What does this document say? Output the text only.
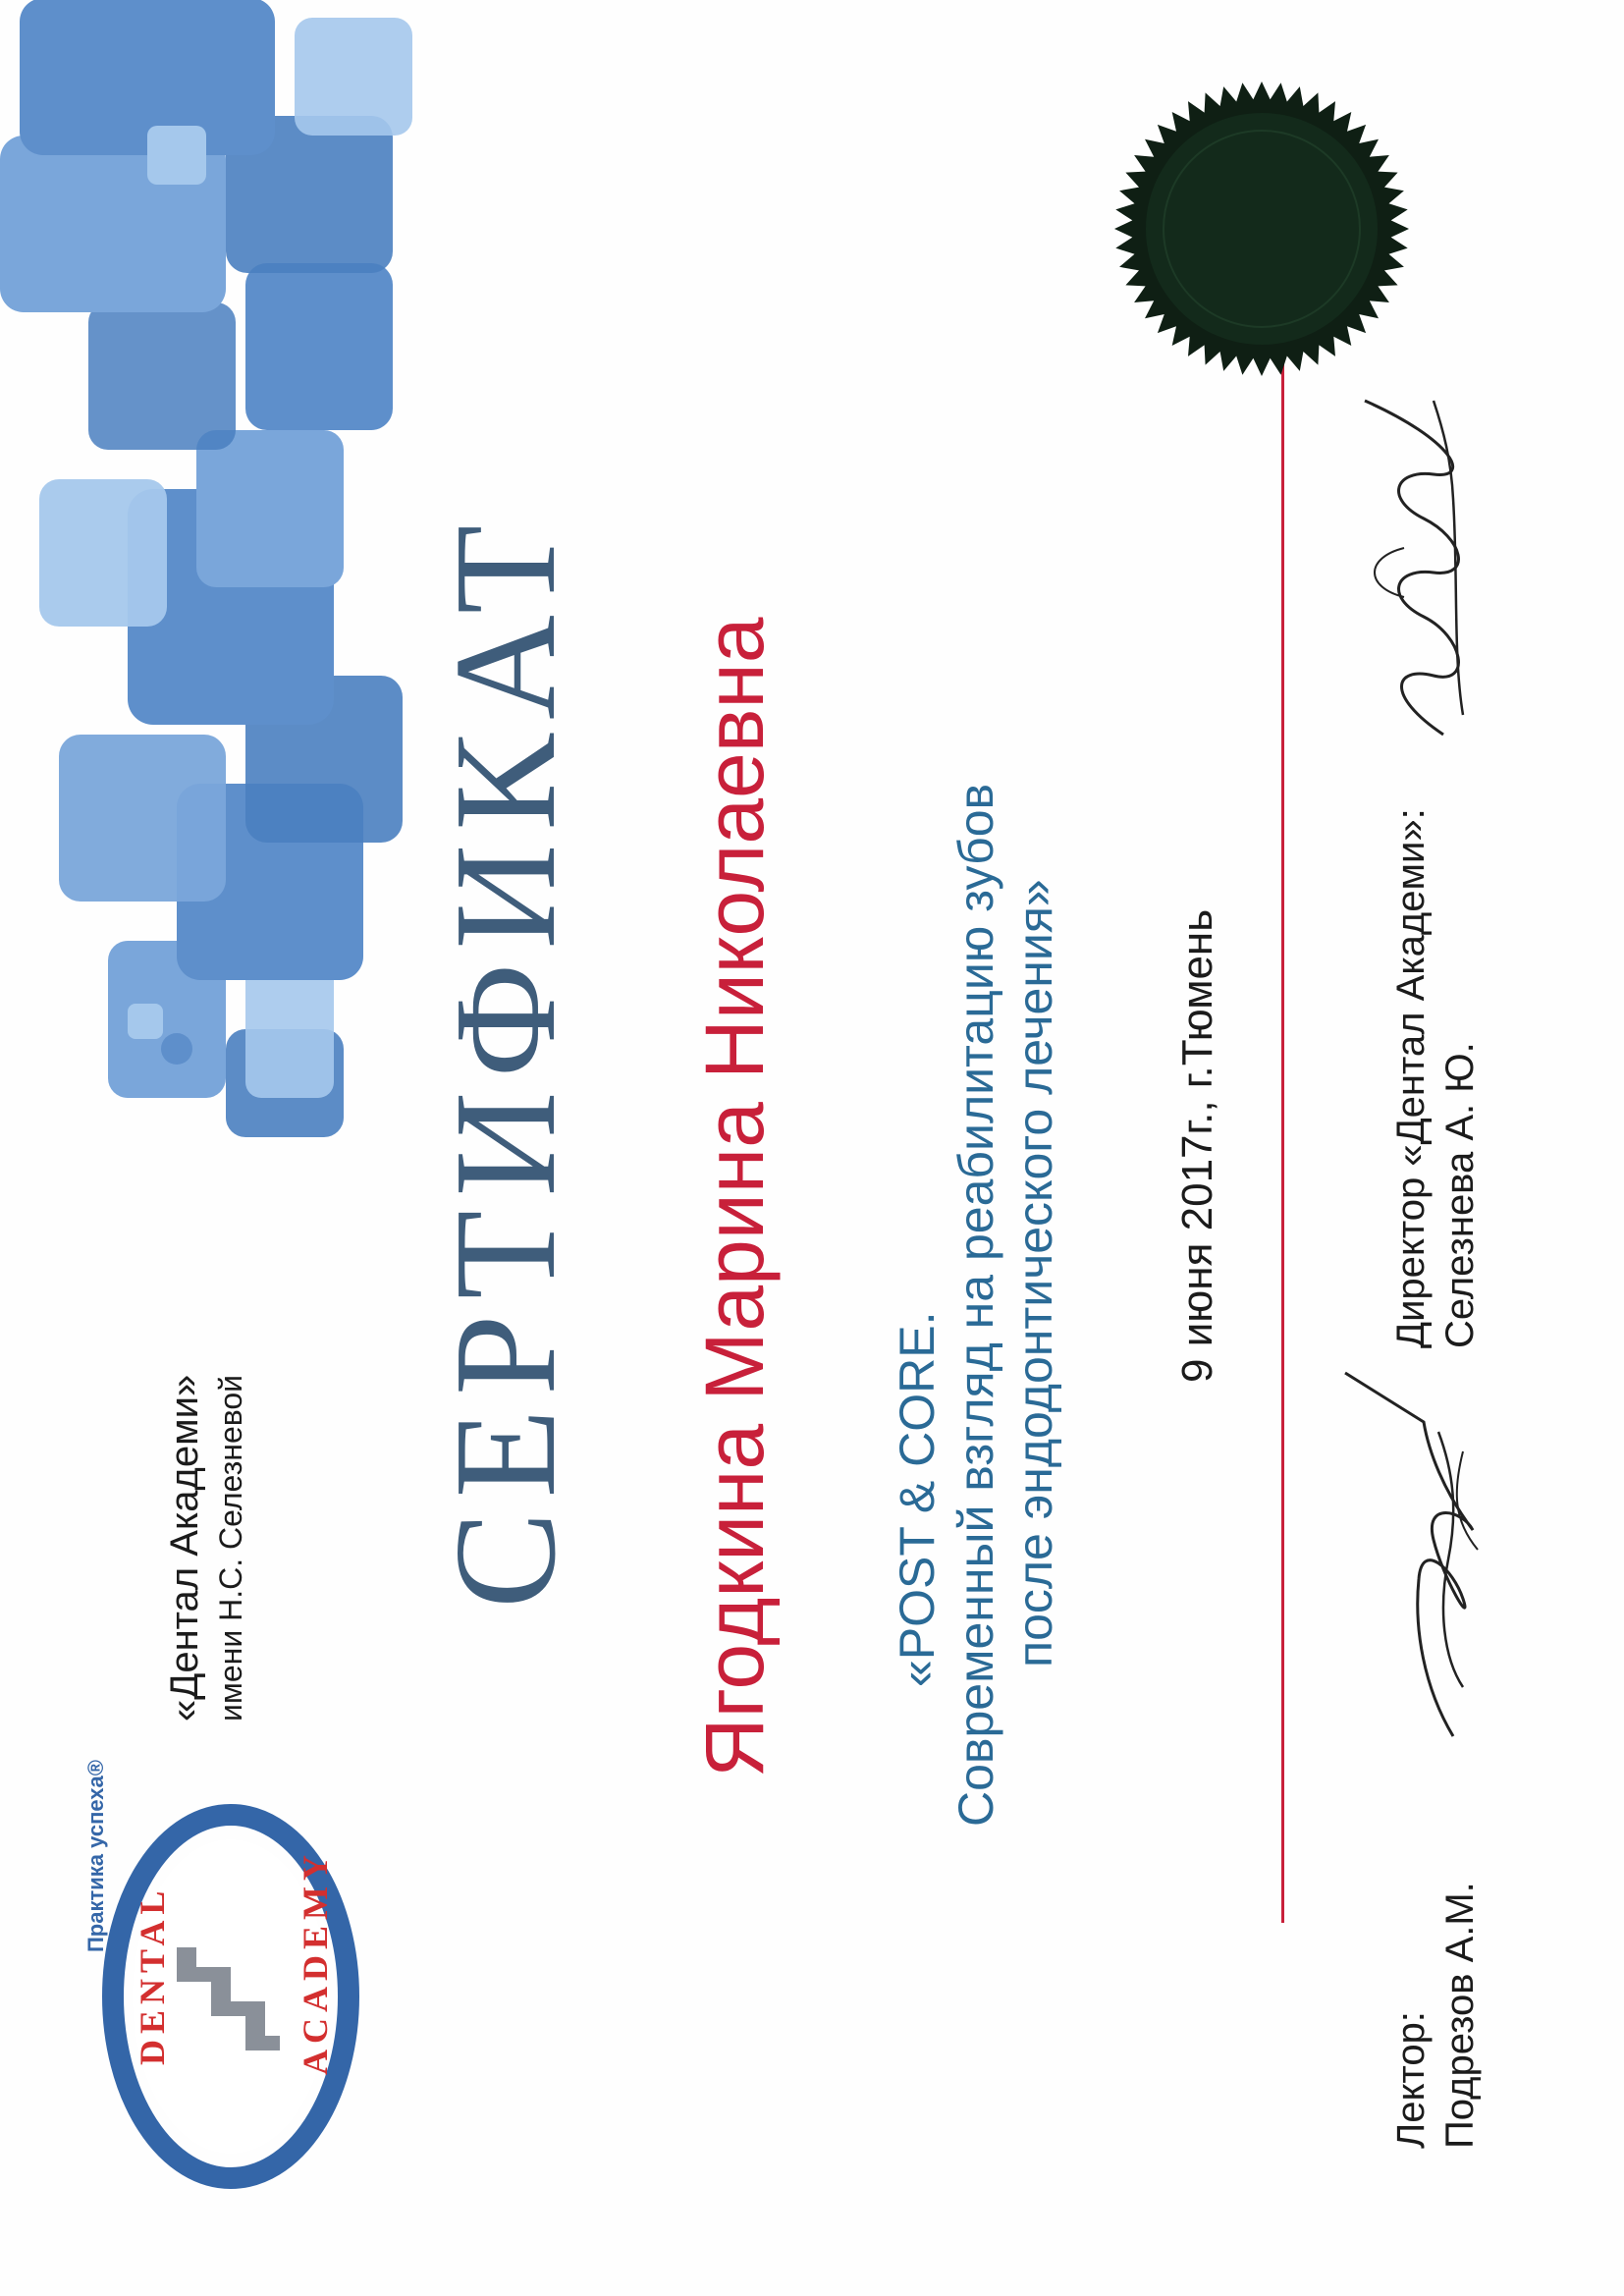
DENTAL	ACADEMY
Практика успеха®
«Дентал Академи» имени Н.С. Селезневой СЕРТИФИКАТ Ягодкина Марина Николаевна «POST & CORE. Современный взгляд на реабилитацию зубов после эндодонтического лечения»	9 июня 2017г., г.Тюмень
Лектор: Подрезов А.М.
Директор «Дентал Академи»: Селезнева А. Ю.
